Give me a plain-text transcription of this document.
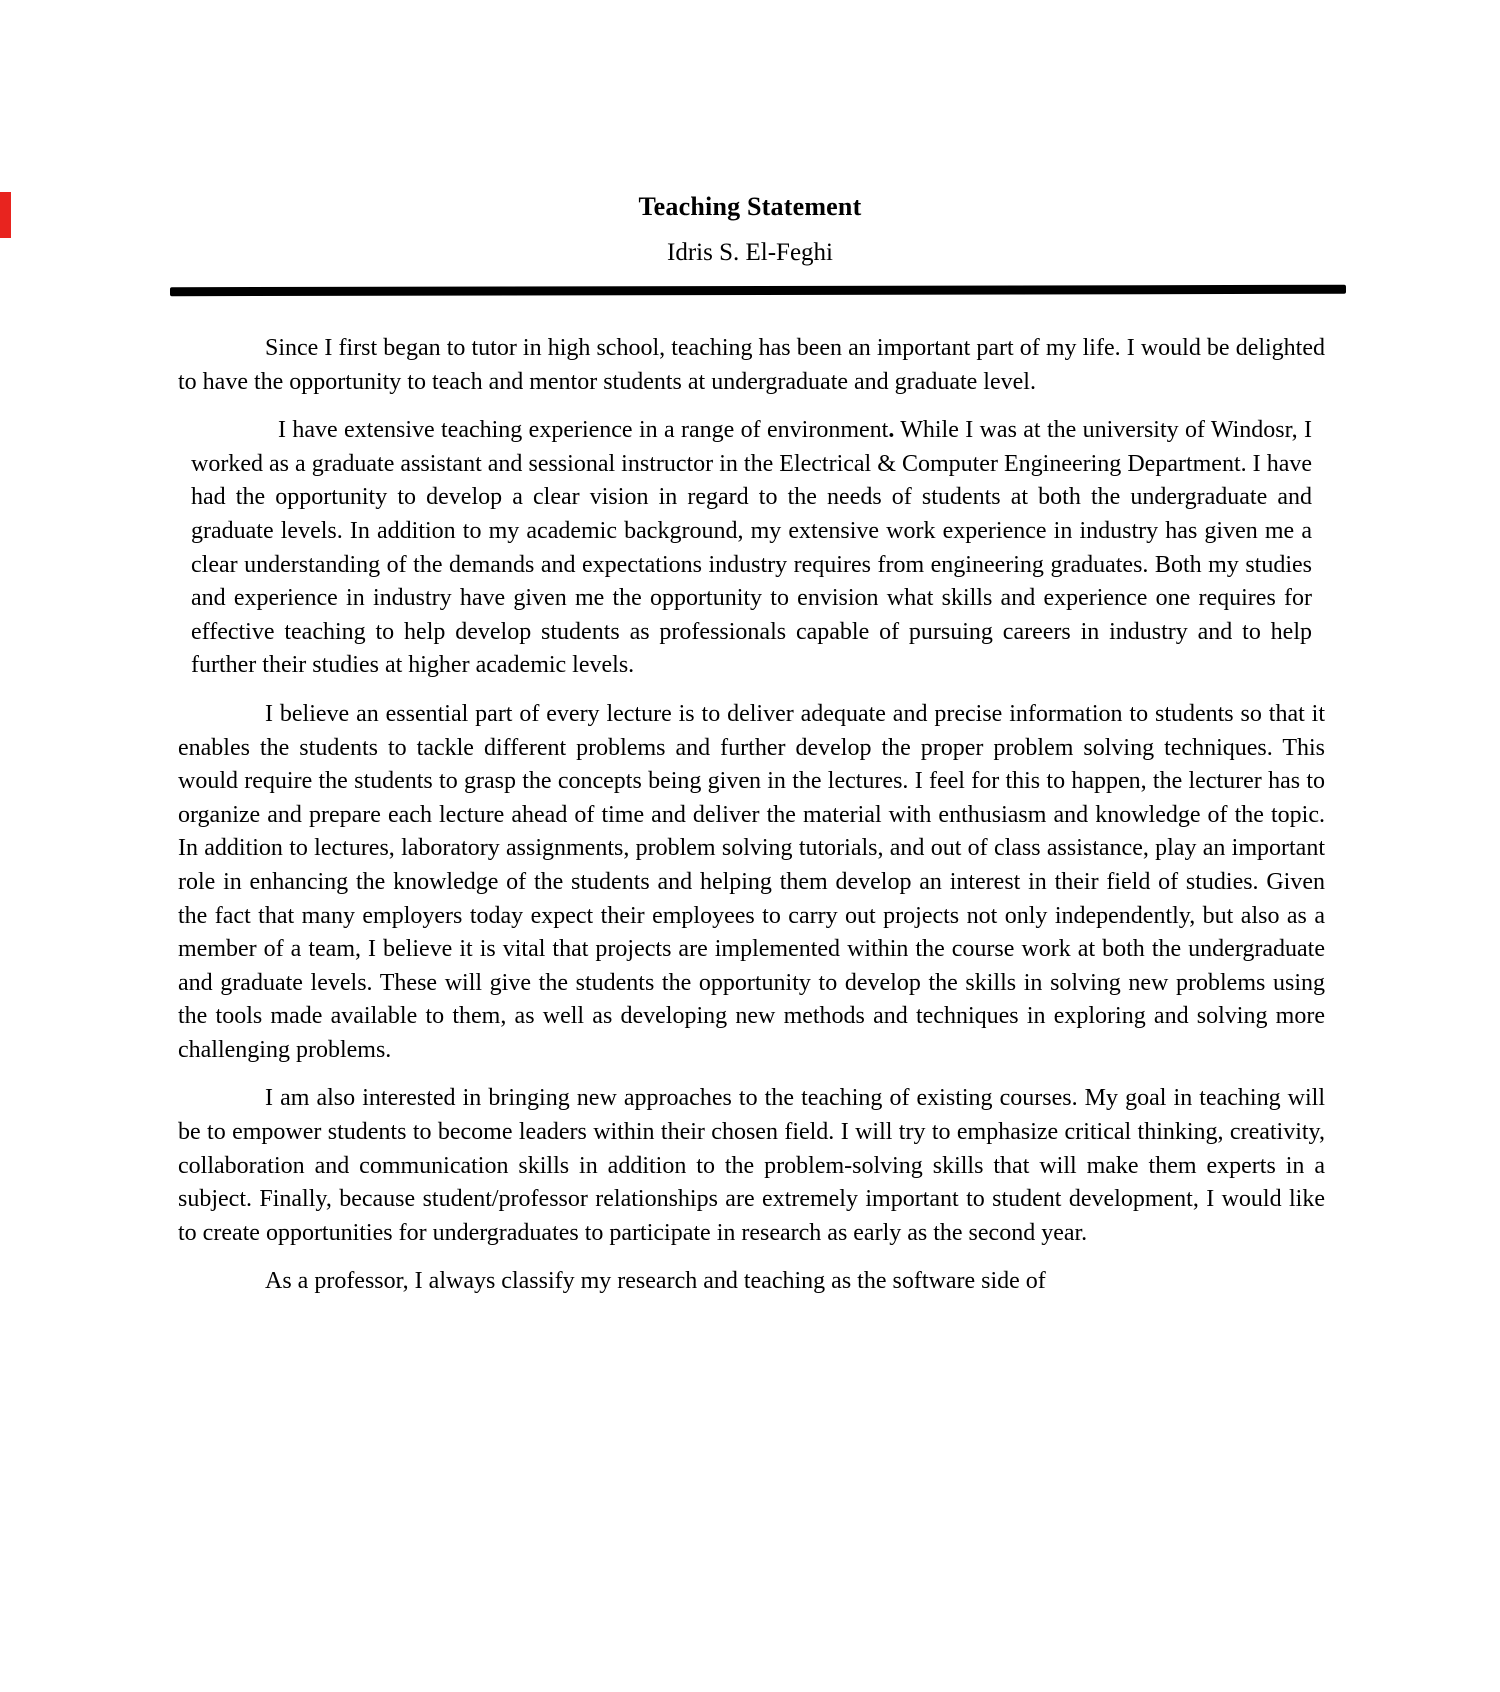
Teaching Statement
Idris S. El-Feghi

Since I first began to tutor in high school, teaching has been an important part of my life. I would be delighted to have the opportunity to teach and mentor students at undergraduate and graduate level.

I have extensive teaching experience in a range of environment. While I was at the university of Windosr, I worked as a graduate assistant and sessional instructor in the Electrical & Computer Engineering Department. I have had the opportunity to develop a clear vision in regard to the needs of students at both the undergraduate and graduate levels. In addition to my academic background, my extensive work experience in industry has given me a clear understanding of the demands and expectations industry requires from engineering graduates. Both my studies and experience in industry have given me the opportunity to envision what skills and experience one requires for effective teaching to help develop students as professionals capable of pursuing careers in industry and to help further their studies at higher academic levels.

I believe an essential part of every lecture is to deliver adequate and precise information to students so that it enables the students to tackle different problems and further develop the proper problem solving techniques. This would require the students to grasp the concepts being given in the lectures. I feel for this to happen, the lecturer has to organize and prepare each lecture ahead of time and deliver the material with enthusiasm and knowledge of the topic. In addition to lectures, laboratory assignments, problem solving tutorials, and out of class assistance, play an important role in enhancing the knowledge of the students and helping them develop an interest in their field of studies. Given the fact that many employers today expect their employees to carry out projects not only independently, but also as a member of a team, I believe it is vital that projects are implemented within the course work at both the undergraduate and graduate levels. These will give the students the opportunity to develop the skills in solving new problems using the tools made available to them, as well as developing new methods and techniques in exploring and solving more challenging problems.

I am also interested in bringing new approaches to the teaching of existing courses. My goal in teaching will be to empower students to become leaders within their chosen field. I will try to emphasize critical thinking, creativity, collaboration and communication skills in addition to the problem-solving skills that will make them experts in a subject. Finally, because student/professor relationships are extremely important to student development, I would like to create opportunities for undergraduates to participate in research as early as the second year.

As a professor, I always classify my research and teaching as the software side of
